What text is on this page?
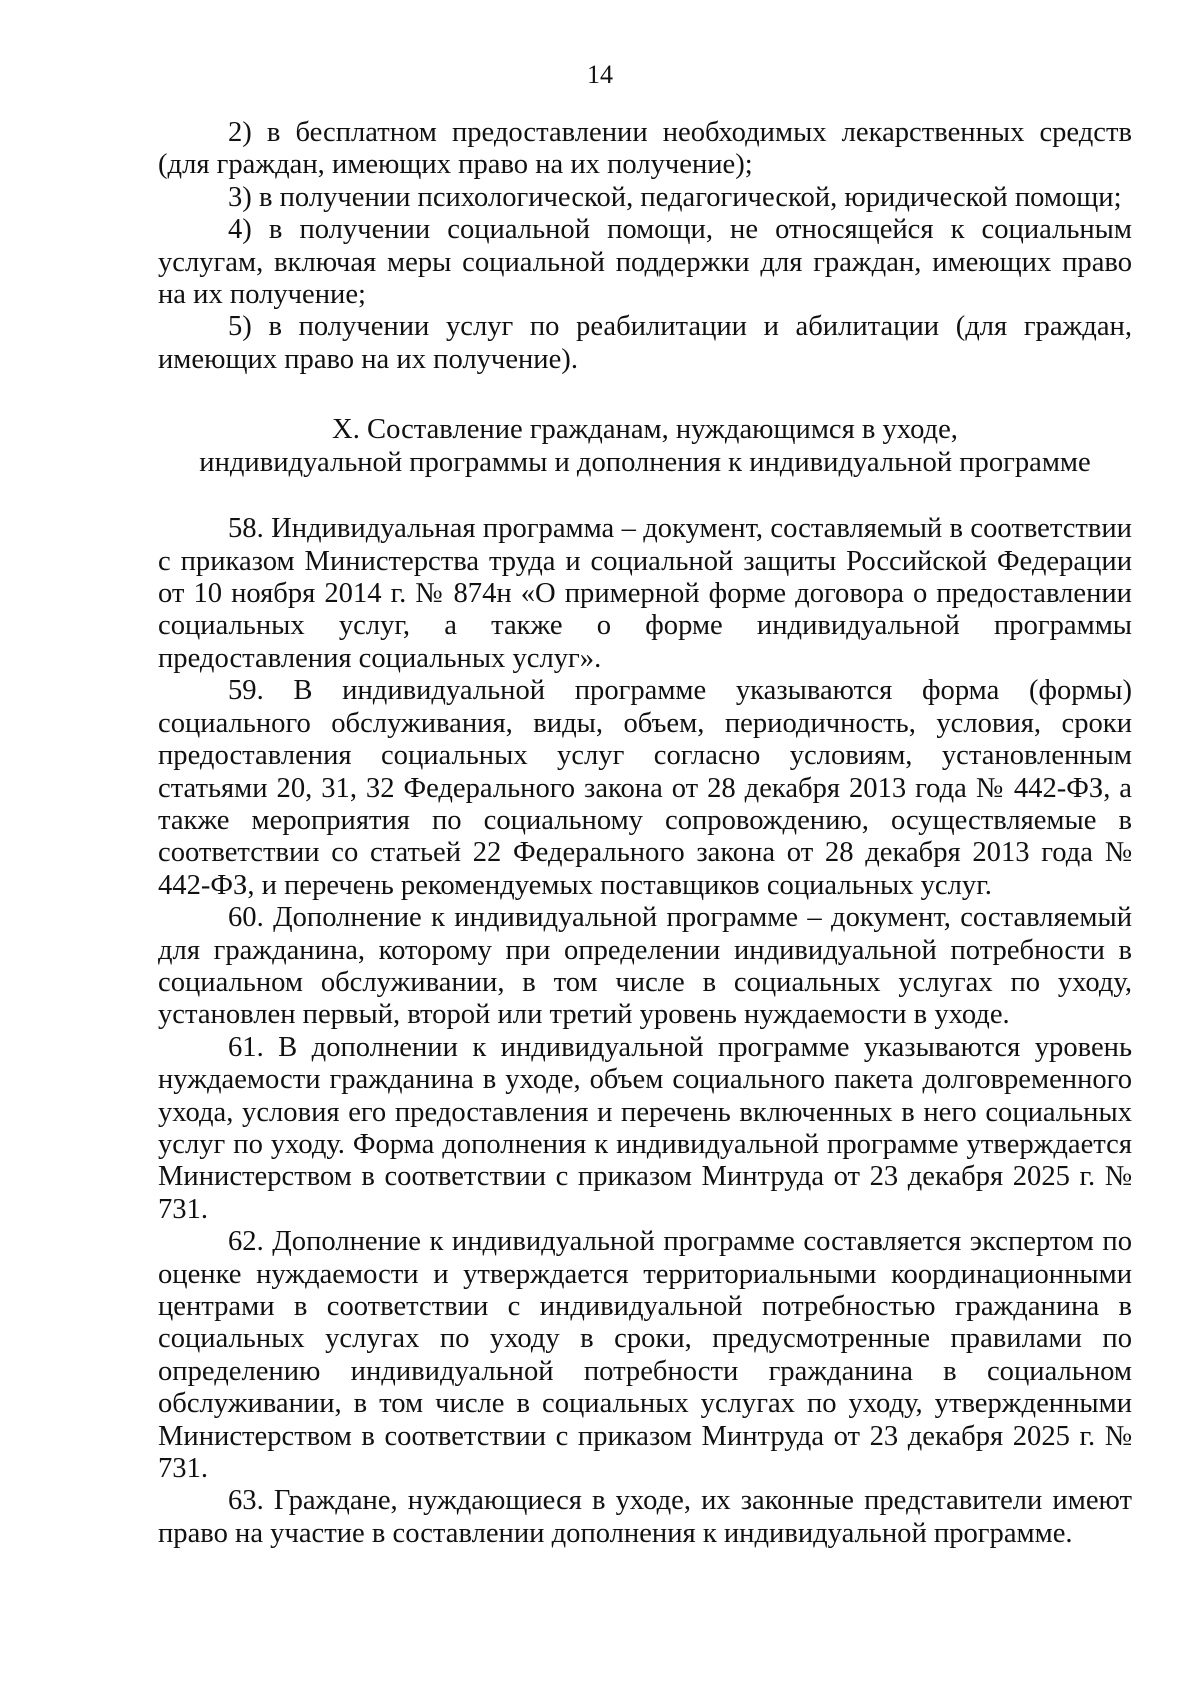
14

2) в бесплатном предоставлении необходимых лекарственных средств (для граждан, имеющих право на их получение);

3) в получении психологической, педагогической, юридической помощи;

4) в получении социальной помощи, не относящейся к социальным услугам, включая меры социальной поддержки для граждан, имеющих право на их получение;

5) в получении услуг по реабилитации и абилитации (для граждан, имеющих право на их получение).

X. Составление гражданам, нуждающимся в уходе,
индивидуальной программы и дополнения к индивидуальной программе

58. Индивидуальная программа – документ, составляемый в соответствии с приказом Министерства труда и социальной защиты Российской Федерации от 10 ноября 2014 г. № 874н «О примерной форме договора о предоставлении социальных услуг, а также о форме индивидуальной программы предоставления социальных услуг».

59. В индивидуальной программе указываются форма (формы) социального обслуживания, виды, объем, периодичность, условия, сроки предоставления социальных услуг согласно условиям, установленным статьями 20, 31, 32 Федерального закона от 28 декабря 2013 года № 442-ФЗ, а также мероприятия по социальному сопровождению, осуществляемые в соответствии со статьей 22 Федерального закона от 28 декабря 2013 года № 442-ФЗ, и перечень рекомендуемых поставщиков социальных услуг.

60. Дополнение к индивидуальной программе – документ, составляемый для гражданина, которому при определении индивидуальной потребности в социальном обслуживании, в том числе в социальных услугах по уходу, установлен первый, второй или третий уровень нуждаемости в уходе.

61. В дополнении к индивидуальной программе указываются уровень нуждаемости гражданина в уходе, объем социального пакета долговременного ухода, условия его предоставления и перечень включенных в него социальных услуг по уходу. Форма дополнения к индивидуальной программе утверждается Министерством в соответствии с приказом Минтруда от 23 декабря 2025 г. № 731.

62. Дополнение к индивидуальной программе составляется экспертом по оценке нуждаемости и утверждается территориальными координационными центрами в соответствии с индивидуальной потребностью гражданина в социальных услугах по уходу в сроки, предусмотренные правилами по определению индивидуальной потребности гражданина в социальном обслуживании, в том числе в социальных услугах по уходу, утвержденными Министерством в соответствии с приказом Минтруда от 23 декабря 2025 г. № 731.

63. Граждане, нуждающиеся в уходе, их законные представители имеют право на участие в составлении дополнения к индивидуальной программе.
